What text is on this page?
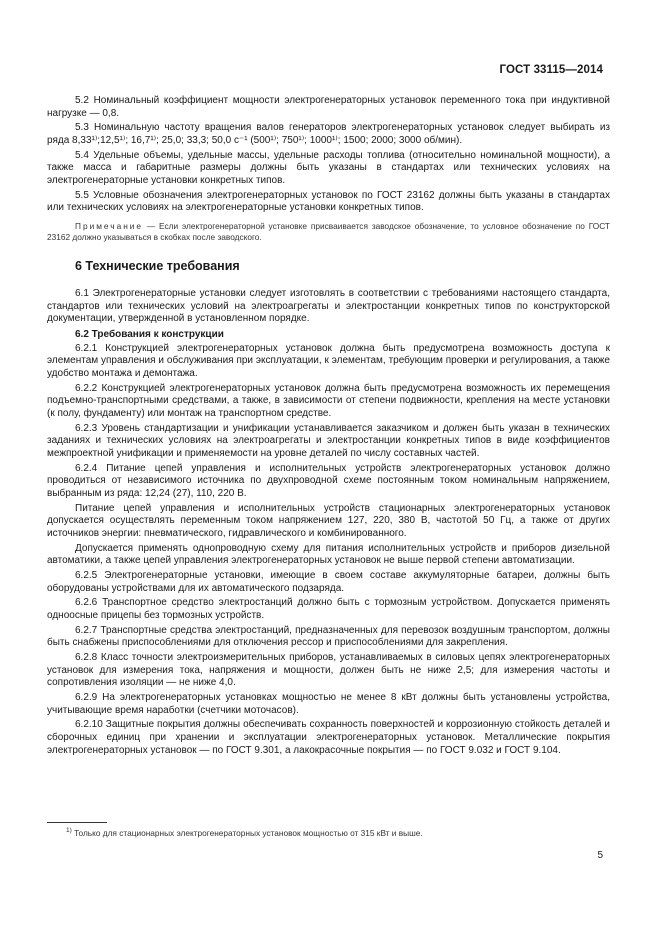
ГОСТ 33115—2014

5.2 Номинальный коэффициент мощности электрогенераторных установок переменного тока при индуктивной нагрузке — 0,8.

5.3 Номинальную частоту вращения валов генераторов электрогенераторных установок следует выбирать из ряда 8,33¹⁾;12,5¹⁾; 16,7¹⁾; 25,0; 33,3; 50,0 с⁻¹ (500¹⁾; 750¹⁾; 1000¹⁾; 1500; 2000; 3000 об/мин).

5.4 Удельные объемы, удельные массы, удельные расходы топлива (относительно номинальной мощности), а также масса и габаритные размеры должны быть указаны в стандартах или технических условиях на электрогенераторные установки конкретных типов.

5.5 Условные обозначения электрогенераторных установок по ГОСТ 23162 должны быть указаны в стандартах или технических условиях на электрогенераторные установки конкретных типов.

Примечание — Если электрогенераторной установке присваивается заводское обозначение, то условное обозначение по ГОСТ 23162 должно указываться в скобках после заводского.

6 Технические требования

6.1 Электрогенераторные установки следует изготовлять в соответствии с требованиями настоящего стандарта, стандартов или технических условий на электроагрегаты и электростанции конкретных типов по конструкторской документации, утвержденной в установленном порядке.

6.2 Требования к конструкции

6.2.1 Конструкцией электрогенераторных установок должна быть предусмотрена возможность доступа к элементам управления и обслуживания при эксплуатации, к элементам, требующим проверки и регулирования, а также удобство монтажа и демонтажа.

6.2.2 Конструкцией электрогенераторных установок должна быть предусмотрена возможность их перемещения подъемно-транспортными средствами, а также, в зависимости от степени подвижности, крепления на месте установки (к полу, фундаменту) или монтаж на транспортном средстве.

6.2.3 Уровень стандартизации и унификации устанавливается заказчиком и должен быть указан в технических заданиях и технических условиях на электроагрегаты и электростанции конкретных типов в виде коэффициентов межпроектной унификации и применяемости на уровне деталей по числу составных частей.

6.2.4 Питание цепей управления и исполнительных устройств электрогенераторных установок должно проводиться от независимого источника по двухпроводной схеме постоянным током номинальным напряжением, выбранным из ряда: 12,24 (27), 110, 220 В.

Питание цепей управления и исполнительных устройств стационарных электрогенераторных установок допускается осуществлять переменным током напряжением 127, 220, 380 В, частотой 50 Гц, а также от других источников энергии: пневматического, гидравлического и комбинированного.

Допускается применять однопроводную схему для питания исполнительных устройств и приборов дизельной автоматики, а также цепей управления электрогенераторных установок не выше первой степени автоматизации.

6.2.5 Электрогенераторные установки, имеющие в своем составе аккумуляторные батареи, должны быть оборудованы устройствами для их автоматического подзаряда.

6.2.6 Транспортное средство электростанций должно быть с тормозным устройством. Допускается применять одноосные прицепы без тормозных устройств.

6.2.7 Транспортные средства электростанций, предназначенных для перевозок воздушным транспортом, должны быть снабжены приспособлениями для отключения рессор и приспособлениями для закрепления.

6.2.8 Класс точности электроизмерительных приборов, устанавливаемых в силовых цепях электрогенераторных установок для измерения тока, напряжения и мощности, должен быть не ниже 2,5; для измерения частоты и сопротивления изоляции — не ниже 4,0.

6.2.9 На электрогенераторных установках мощностью не менее 8 кВт должны быть установлены устройства, учитывающие время наработки (счетчики моточасов).

6.2.10 Защитные покрытия должны обеспечивать сохранность поверхностей и коррозионную стойкость деталей и сборочных единиц при хранении и эксплуатации электрогенераторных установок. Металлические покрытия электрогенераторных установок — по ГОСТ 9.301, а лакокрасочные покрытия — по ГОСТ 9.032 и ГОСТ 9.104.

$^{1)}$ Только для стационарных электрогенераторных установок мощностью от 315 кВт и выше.
5
